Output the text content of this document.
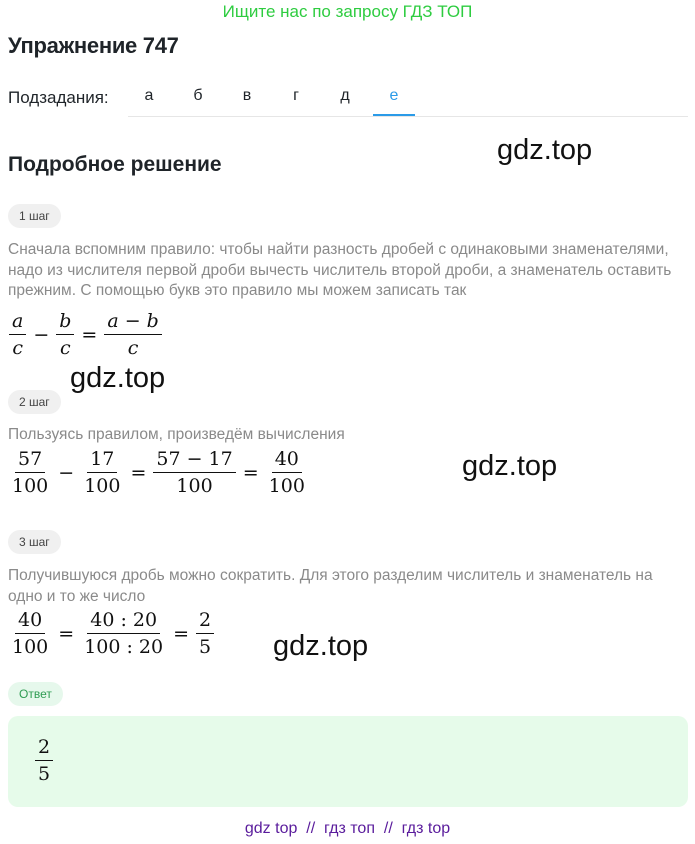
Ищите нас по запросу ГДЗ ТОП
Упражнение 747
Подзадания:	а	б	в	г	д	е
Подробное решение	gdz.top
1 шаг
Сначала вспомним правило: чтобы найти разность дробей с одинаковыми знаменателями, надо из числителя первой дроби вычесть числитель второй дроби, а знаменатель оставить прежним. С помощью букв это правило мы можем записать так
$\frac{a}{c} - \frac{b}{c} = \frac{a - b}{c}$
gdz.top
2 шаг
Пользуясь правилом, произведём вычисления
$\frac{57}{100} - \frac{17}{100} = \frac{57 - 17}{100} = \frac{40}{100}$	gdz.top
3 шаг
Получившуюся дробь можно сократить. Для этого разделим числитель и знаменатель на одно и то же число
$\frac{40}{100} = \frac{40 : 20}{100 : 20} = \frac{2}{5} gdz.top$
Ответ
$\frac{2}{5}$
gdz top  //  гдз топ  //  гдз top
